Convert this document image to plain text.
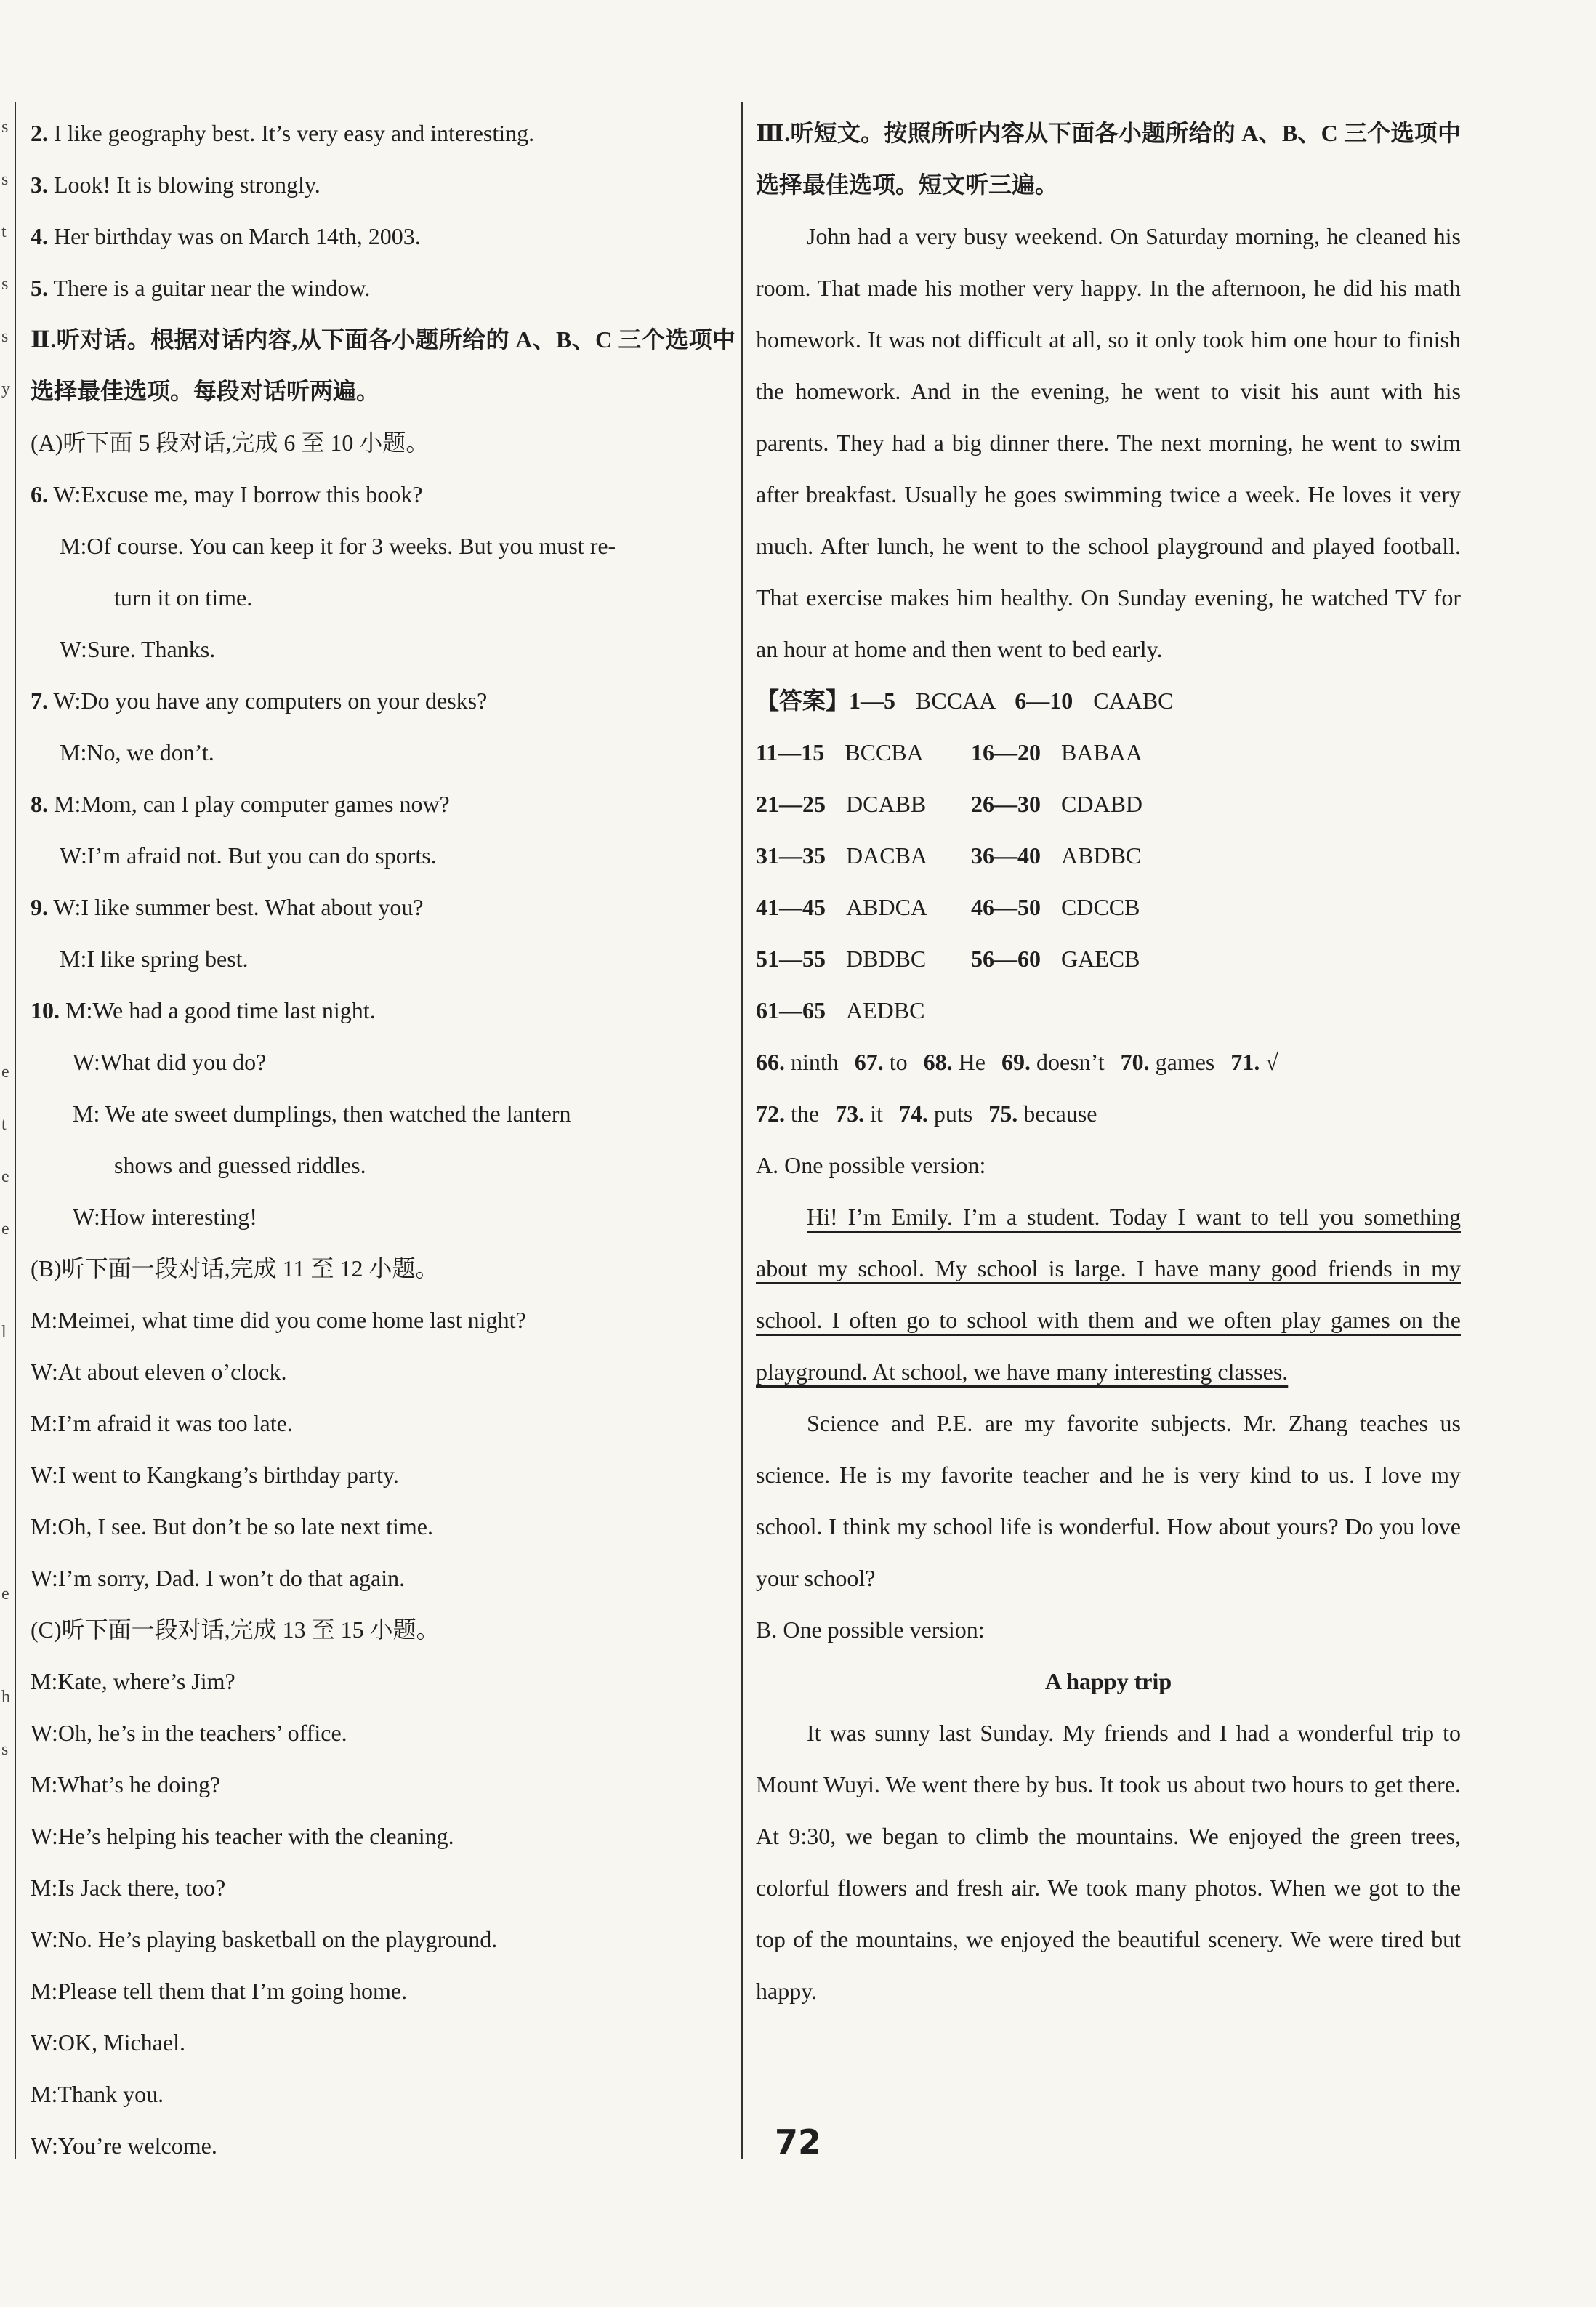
s
s
t
s
s
y
e
t
e
e
l
e
h
s
2. I like geography best. It’s very easy and interesting.
3. Look! It is blowing strongly.
4. Her birthday was on March 14th, 2003.
5. There is a guitar near the window.

Ⅱ.听对话。根据对话内容,从下面各小题所给的 A、B、C 三个选项中选择最佳选项。每段对话听两遍。

(A)听下面 5 段对话,完成 6 至 10 小题。
6. W:Excuse me, may I borrow this book?
M:Of course. You can keep it for 3 weeks. But you must re-
turn it on time.
W:Sure. Thanks.
7. W:Do you have any computers on your desks?
M:No, we don’t.
8. M:Mom, can I play computer games now?
W:I’m afraid not. But you can do sports.
9. W:I like summer best. What about you?
M:I like spring best.
10. M:We had a good time last night.
W:What did you do?
M: We ate sweet dumplings, then watched the lantern
shows and guessed riddles.
W:How interesting!
(B)听下面一段对话,完成 11 至 12 小题。
M:Meimei, what time did you come home last night?
W:At about eleven o’clock.
M:I’m afraid it was too late.
W:I went to Kangkang’s birthday party.
M:Oh, I see. But don’t be so late next time.
W:I’m sorry, Dad. I won’t do that again.
(C)听下面一段对话,完成 13 至 15 小题。
M:Kate, where’s Jim?
W:Oh, he’s in the teachers’ office.
M:What’s he doing?
W:He’s helping his teacher with the cleaning.
M:Is Jack there, too?
W:No. He’s playing basketball on the playground.
M:Please tell them that I’m going home.
W:OK, Michael.
M:Thank you.
W:You’re welcome.

Ⅲ.听短文。按照所听内容从下面各小题所给的 A、B、C 三个选项中选择最佳选项。短文听三遍。

John had a very busy weekend. On Saturday morning, he cleaned his room. That made his mother very happy. In the afternoon, he did his math homework. It was not difficult at all, so it only took him one hour to finish the homework. And in the evening, he went to visit his aunt with his parents. They had a big dinner there. The next morning, he went to swim after breakfast. Usually he goes swimming twice a week. He loves it very much. After lunch, he went to the school playground and played football. That exercise makes him healthy. On Sunday evening, he watched TV for an hour at home and then went to bed early.

【答案】1—5 BCCAA 6—10 CAABC
11—15 BCCBA 16—20 BABAA
21—25 DCABB 26—30 CDABD
31—35 DACBA 36—40 ABDBC
41—45 ABDCA 46—50 CDCCB
51—55 DBDBC 56—60 GAECB
61—65 AEDBC
66. ninth 67. to 68. He 69. doesn’t 70. games 71. √
72. the 73. it 74. puts 75. because
A. One possible version:

Hi! I’m Emily. I’m a student. Today I want to tell you something about my school. My school is large. I have many good friends in my school. I often go to school with them and we often play games on the playground. At school, we have many interesting classes.

Science and P.E. are my favorite subjects. Mr. Zhang teaches us science. He is my favorite teacher and he is very kind to us. I love my school. I think my school life is wonderful. How about yours? Do you love your school?

B. One possible version:
A happy trip

It was sunny last Sunday. My friends and I had a wonderful trip to Mount Wuyi. We went there by bus. It took us about two hours to get there. At 9:30, we began to climb the mountains. We enjoyed the green trees, colorful flowers and fresh air. We took many photos. When we got to the top of the mountains, we enjoyed the beautiful scenery. We were tired but happy.

72
